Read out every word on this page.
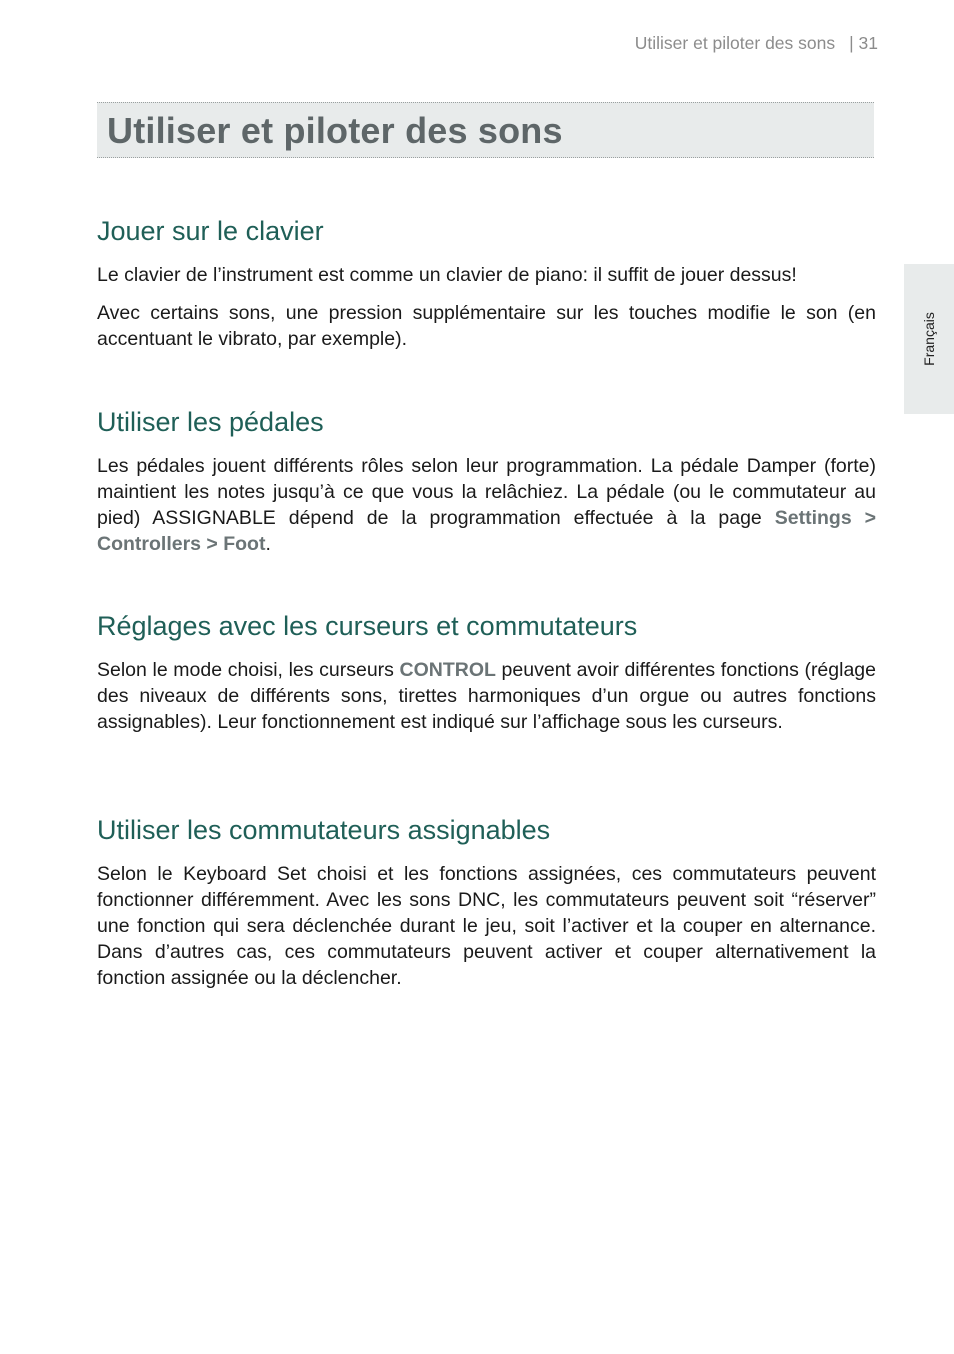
Utiliser et piloter des sons | 31
Utiliser et piloter des sons
Français
Jouer sur le clavier

Le clavier de l’instrument est comme un clavier de piano: il suffit de jouer dessus!

Avec certains sons, une pression supplémentaire sur les touches modifie le son (en accentuant le vibrato, par exemple).

Utiliser les pédales

Les pédales jouent différents rôles selon leur programmation. La pédale Damper (forte) maintient les notes jusqu’à ce que vous la relâchiez. La pédale (ou le commutateur au pied) ASSIGNABLE dépend de la programmation effectuée à la page Settings > Controllers > Foot.

Réglages avec les curseurs et commutateurs

Selon le mode choisi, les curseurs CONTROL peuvent avoir différentes fonctions (réglage des niveaux de différents sons, tirettes harmoniques d’un orgue ou autres fonctions assignables). Leur fonctionnement est indiqué sur l’affichage sous les curseurs.

Utiliser les commutateurs assignables

Selon le Keyboard Set choisi et les fonctions assignées, ces commutateurs peuvent fonctionner différemment. Avec les sons DNC, les commutateurs peuvent soit “réserver” une fonction qui sera déclenchée durant le jeu, soit l’activer et la couper en alternance. Dans d’autres cas, ces commutateurs peuvent activer et couper alternativement la fonction assignée ou la déclencher.
